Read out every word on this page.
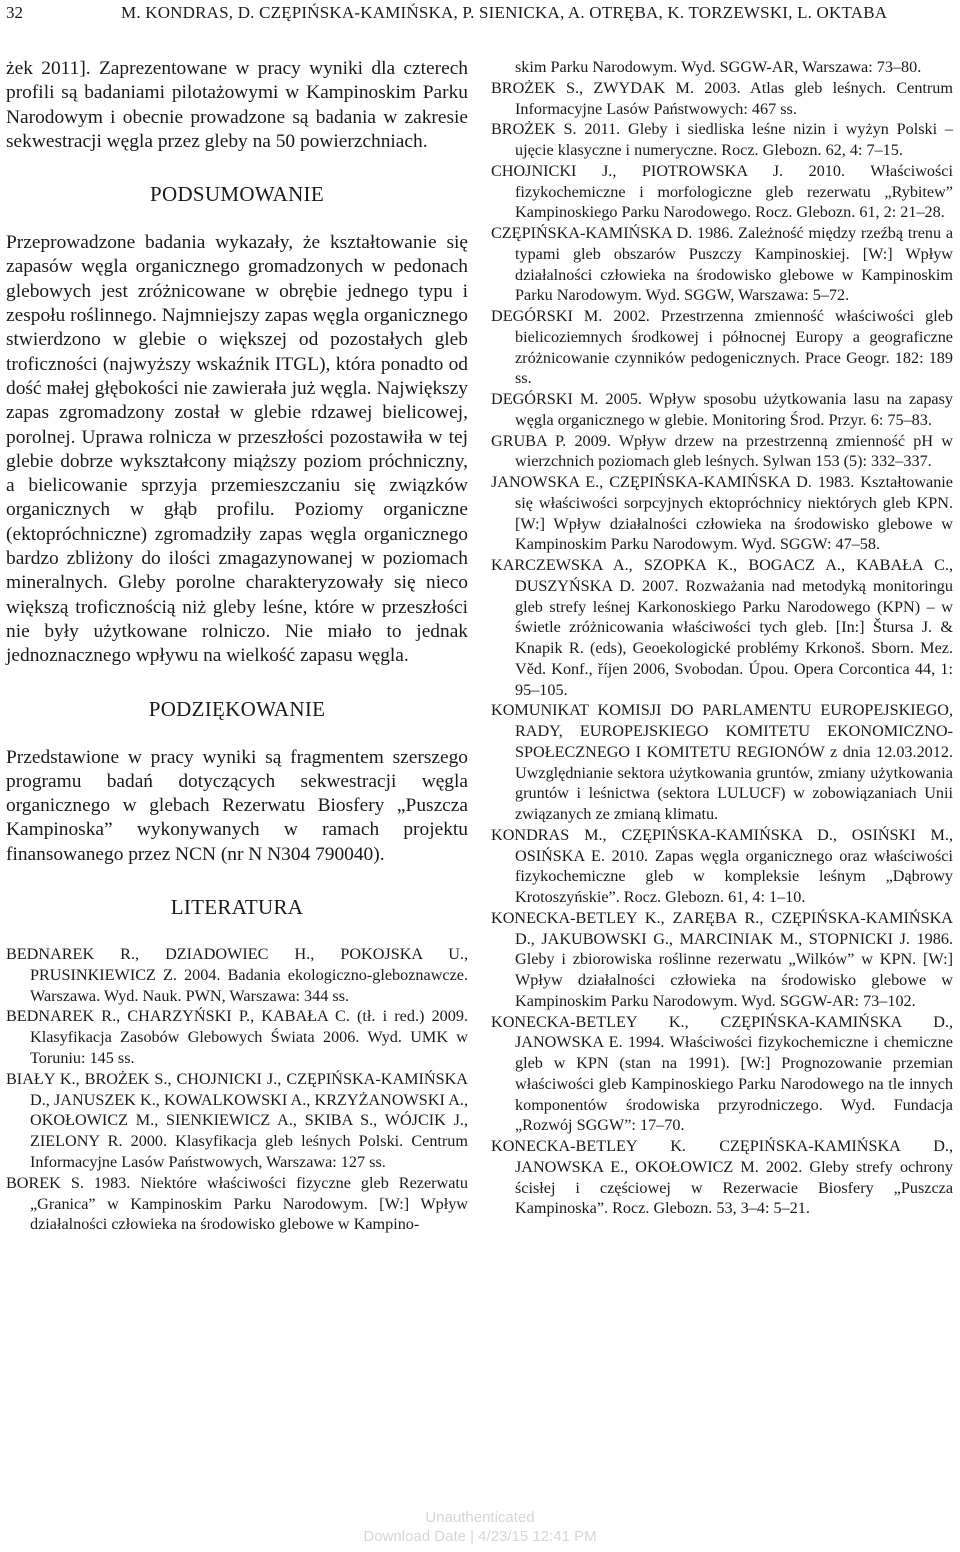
32	M. KONDRAS, D. CZĘPIŃSKA-KAMIŃSKA, P. SIENICKA, A. OTRĘBA, K. TORZEWSKI, L. OKTABA

żek 2011]. Zaprezentowane w pracy wyniki dla czterech profili są badaniami pilotażowymi w Kampinoskim Parku Narodowym i obecnie prowadzone są badania w zakresie sekwestracji węgla przez gleby na 50 powierzchniach.

PODSUMOWANIE

Przeprowadzone badania wykazały, że kształtowanie się zapasów węgla organicznego gromadzonych w pedonach glebowych jest zróżnicowane w obrębie jednego typu i zespołu roślinnego. Najmniejszy zapas węgla organicznego stwierdzono w glebie o większej od pozostałych gleb troficzności (najwyższy wskaźnik ITGL), która ponadto od dość małej głębokości nie zawierała już węgla. Największy zapas zgromadzony został w glebie rdzawej bielicowej, porolnej. Uprawa rolnicza w przeszłości pozostawiła w tej glebie dobrze wykształcony miąższy poziom próchniczny, a bielicowanie sprzyja przemieszczaniu się związków organicznych w głąb profilu. Poziomy organiczne (ektopróchniczne) zgromadziły zapas węgla organicznego bardzo zbliżony do ilości zmagazynowanej w poziomach mineralnych. Gleby porolne charakteryzowały się nieco większą troficznością niż gleby leśne, które w przeszłości nie były użytkowane rolniczo. Nie miało to jednak jednoznacznego wpływu na wielkość zapasu węgla.

PODZIĘKOWANIE

Przedstawione w pracy wyniki są fragmentem szerszego programu badań dotyczących sekwestracji węgla organicznego w glebach Rezerwatu Biosfery „Puszcza Kampinoska” wykonywanych w ramach projektu finansowanego przez NCN (nr N N304 790040).

LITERATURA

BEDNAREK R., DZIADOWIEC H., POKOJSKA U., PRUSINKIEWICZ Z. 2004. Badania ekologiczno-gleboznawcze. Warszawa. Wyd. Nauk. PWN, Warszawa: 344 ss.

BEDNAREK R., CHARZYŃSKI P., KABAŁA C. (tł. i red.) 2009. Klasyfikacja Zasobów Glebowych Świata 2006. Wyd. UMK w Toruniu: 145 ss.

BIAŁY K., BROŻEK S., CHOJNICKI J., CZĘPIŃSKA-KAMIŃSKA D., JANUSZEK K., KOWALKOWSKI A., KRZYŻANOWSKI A., OKOŁOWICZ M., SIENKIEWICZ A., SKIBA S., WÓJCIK J., ZIELONY R. 2000. Klasyfikacja gleb leśnych Polski. Centrum Informacyjne Lasów Państwowych, Warszawa: 127 ss.

BOREK S. 1983. Niektóre właściwości fizyczne gleb Rezerwatu „Granica” w Kampinoskim Parku Narodowym. [W:] Wpływ działalności człowieka na środowisko glebowe w Kampino-

skim Parku Narodowym. Wyd. SGGW-AR, Warszawa: 73–80.

BROŻEK S., ZWYDAK M. 2003. Atlas gleb leśnych. Centrum Informacyjne Lasów Państwowych: 467 ss.

BROŻEK S. 2011. Gleby i siedliska leśne nizin i wyżyn Polski – ujęcie klasyczne i numeryczne. Rocz. Glebozn. 62, 4: 7–15.

CHOJNICKI J., PIOTROWSKA J. 2010. Właściwości fizykochemiczne i morfologiczne gleb rezerwatu „Rybitew” Kampinoskiego Parku Narodowego. Rocz. Glebozn. 61, 2: 21–28.

CZĘPIŃSKA-KAMIŃSKA D. 1986. Zależność między rzeźbą trenu a typami gleb obszarów Puszczy Kampinoskiej. [W:] Wpływ działalności człowieka na środowisko glebowe w Kampinoskim Parku Narodowym. Wyd. SGGW, Warszawa: 5–72.

DEGÓRSKI M. 2002. Przestrzenna zmienność właściwości gleb bielicoziemnych środkowej i północnej Europy a geograficzne zróżnicowanie czynników pedogenicznych. Prace Geogr. 182: 189 ss.

DEGÓRSKI M. 2005. Wpływ sposobu użytkowania lasu na zapasy węgla organicznego w glebie. Monitoring Środ. Przyr. 6: 75–83.

GRUBA P. 2009. Wpływ drzew na przestrzenną zmienność pH w wierzchnich poziomach gleb leśnych. Sylwan 153 (5): 332–337.

JANOWSKA E., CZĘPIŃSKA-KAMIŃSKA D. 1983. Kształtowanie się właściwości sorpcyjnych ektopróchnicy niektórych gleb KPN. [W:] Wpływ działalności człowieka na środowisko glebowe w Kampinoskim Parku Narodowym. Wyd. SGGW: 47–58.

KARCZEWSKA A., SZOPKA K., BOGACZ A., KABAŁA C., DUSZYŃSKA D. 2007. Rozważania nad metodyką monitoringu gleb strefy leśnej Karkonoskiego Parku Narodowego (KPN) – w świetle zróżnicowania właściwości tych gleb. [In:] Štursa J. & Knapik R. (eds), Geoekologické problémy Krkonoš. Sborn. Mez. Věd. Konf., říjen 2006, Svobodan. Úpou. Opera Corcontica 44, 1: 95–105.

KOMUNIKAT KOMISJI DO PARLAMENTU EUROPEJSKIEGO, RADY, EUROPEJSKIEGO KOMITETU EKONOMICZNO-SPOŁECZNEGO I KOMITETU REGIONÓW z dnia 12.03.2012. Uwzględnianie sektora użytkowania gruntów, zmiany użytkowania gruntów i leśnictwa (sektora LULUCF) w zobowiązaniach Unii związanych ze zmianą klimatu.

KONDRAS M., CZĘPIŃSKA-KAMIŃSKA D., OSIŃSKI M., OSIŃSKA E. 2010. Zapas węgla organicznego oraz właściwości fizykochemiczne gleb w kompleksie leśnym „Dąbrowy Krotoszyńskie”. Rocz. Glebozn. 61, 4: 1–10.

KONECKA-BETLEY K., ZARĘBA R., CZĘPIŃSKA-KAMIŃSKA D., JAKUBOWSKI G., MARCINIAK M., STOPNICKI J. 1986. Gleby i zbiorowiska roślinne rezerwatu „Wilków” w KPN. [W:] Wpływ działalności człowieka na środowisko glebowe w Kampinoskim Parku Narodowym. Wyd. SGGW-AR: 73–102.

KONECKA-BETLEY K., CZĘPIŃSKA-KAMIŃSKA D., JANOWSKA E. 1994. Właściwości fizykochemiczne i chemiczne gleb w KPN (stan na 1991). [W:] Prognozowanie przemian właściwości gleb Kampinoskiego Parku Narodowego na tle innych komponentów środowiska przyrodniczego. Wyd. Fundacja „Rozwój SGGW”: 17–70.

KONECKA-BETLEY K. CZĘPIŃSKA-KAMIŃSKA D., JANOWSKA E., OKOŁOWICZ M. 2002. Gleby strefy ochrony ścisłej i częściowej w Rezerwacie Biosfery „Puszcza Kampinoska”. Rocz. Glebozn. 53, 3–4: 5–21.

Unauthenticated
Download Date | 4/23/15 12:41 PM
